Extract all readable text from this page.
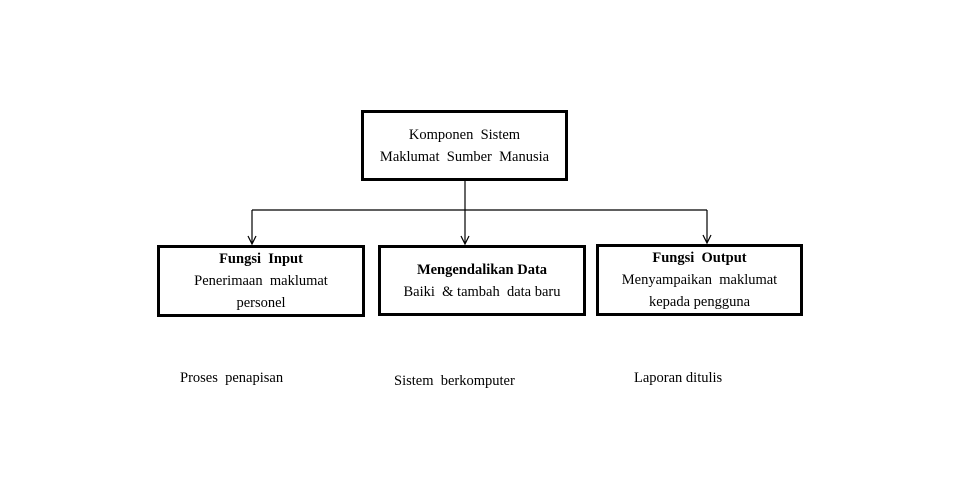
Komponen  Sistem
Maklumat  Sumber  Manusia
Fungsi  Input
Penerimaan  maklumat
personel
Mengendalikan Data
Baiki  & tambah  data baru
Fungsi  Output
Menyampaikan  maklumat
kepada pengguna
Proses  penapisan	Sistem  berkomputer	Laporan ditulis
